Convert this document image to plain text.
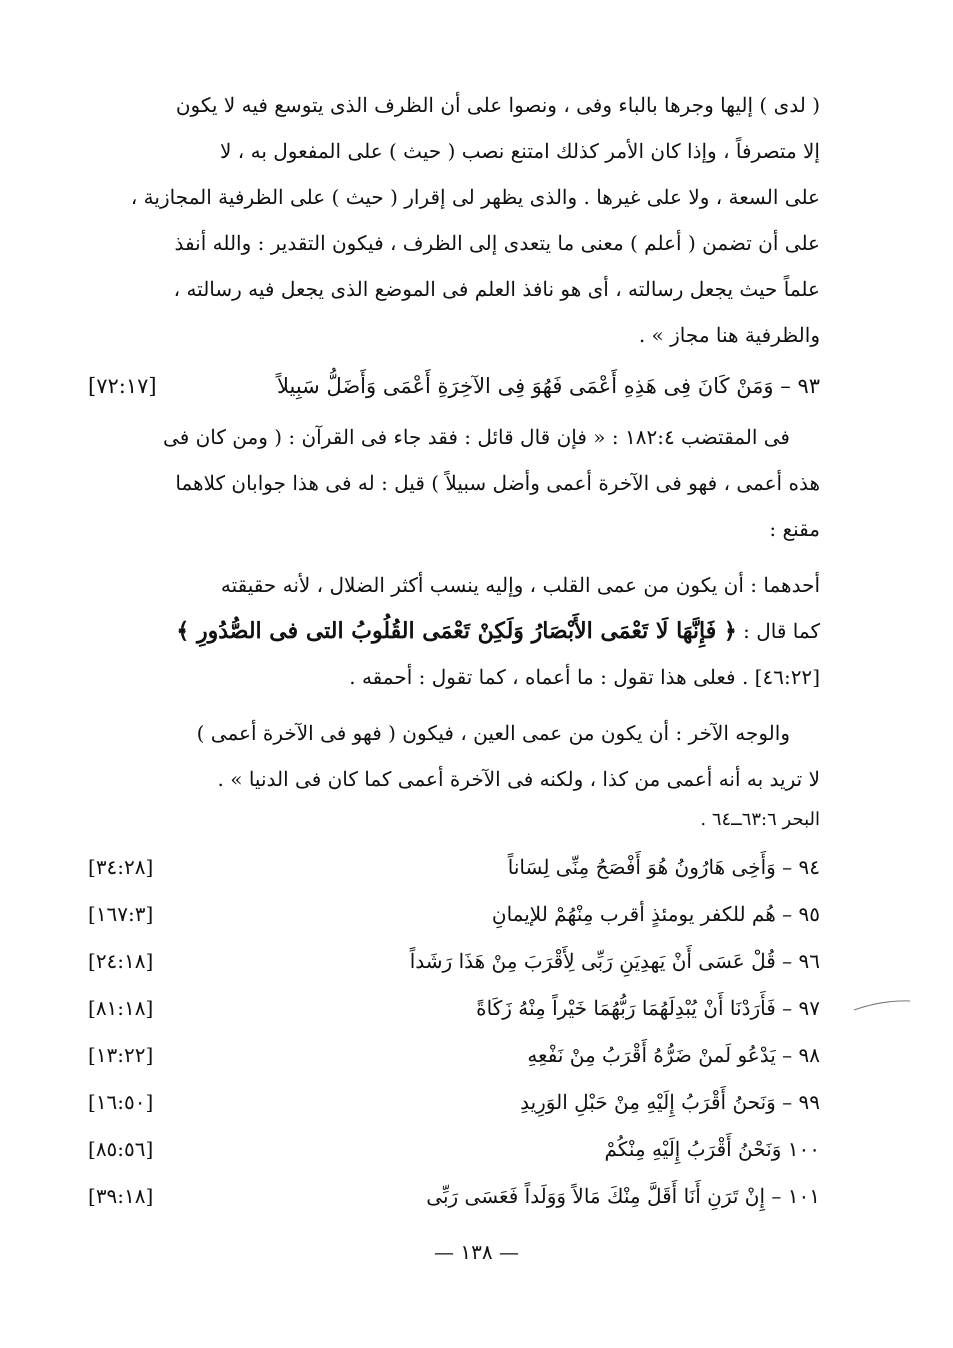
( لدى ) إليها وجرها بالباء وفى ، ونصوا على أن الظرف الذى يتوسع فيه لا يكون

إلا متصرفاً ، وإذا كان الأمر كذلك امتنع نصب ( حيث ) على المفعول به ، لا

على السعة ، ولا على غيرها . والذى يظهر لى إقرار ( حيث ) على الظرفية المجازية ،

على أن تضمن ( أعلم ) معنى ما يتعدى إلى الظرف ، فيكون التقدير : والله أنفذ

علماً حيث يجعل رسالته ، أى هو نافذ العلم فى الموضع الذى يجعل فيه رسالته ،

والظرفية هنا مجاز » .

٩٣ – وَمَنْ كَانَ فِى هَذِهِ أَعْمَى فَهُوَ فِى الآخِرَةِ أَعْمَى وَأَضَلُّ سَبِيلاً
[٧٢:١٧]

فى المقتضب ١٨٢:٤ : « فإن قال قائل : فقد جاء فى القرآن : ( ومن كان فى

هذه أعمى ، فهو فى الآخرة أعمى وأضل سبيلاً ) قيل : له فى هذا جوابان كلاهما

مقنع :

أحدهما : أن يكون من عمى القلب ، وإليه ينسب أكثر الضلال ، لأنه حقيقته

كما قال : ﴿ فَإِنَّهَا لَا تَعْمَى الأَبْصَارُ وَلَكِنْ تَعْمَى القُلُوبُ التى فى الصُّدُورِ ﴾

[٤٦:٢٢] . فعلى هذا تقول : ما أعماه ، كما تقول : أحمقه .

والوجه الآخر : أن يكون من عمى العين ، فيكون ( فهو فى الآخرة أعمى )

لا تريد به أنه أعمى من كذا ، ولكنه فى الآخرة أعمى كما كان فى الدنيا » .

البحر ٦٣:٦ــ٦٤ .

٩٤ – وَأَخِى هَارُونُ هُوَ أَفْصَحُ مِنِّى لِسَاناً
[٣٤:٢٨]
٩٥ – هُم للكفر يومئذٍ أقرب مِنْهُمْ للإيمانِ
[١٦٧:٣]
٩٦ – قُلْ عَسَى أَنْ يَهدِيَنِ رَبِّى لِأَقْرَبَ مِنْ هَذَا رَشَداً
[٢٤:١٨]
٩٧ – فَأَرَدْنَا أَنْ يُبْدِلَهُمَا رَبُّهُمَا خَيْراً مِنْهُ زَكَاةً
[٨١:١٨]
٩٨ – يَدْعُو لَمنْ ضَرُّهُ أَقْرَبُ مِنْ نَفْعِهِ
[١٣:٢٢]
٩٩ – وَنَحنُ أَقْرَبُ إِلَيْهِ مِنْ حَبْلِ الوَرِيدِ
[١٦:٥٠]
١٠٠ وَنَحْنُ أَقْرَبُ إِلَيْهِ مِنْكُمْ
[٨٥:٥٦]
١٠١ – إِنْ تَرَنِ أَنَا أَقَلَّ مِنْكَ مَالاً وَوَلَداً فَعَسَى رَبِّى
[٣٩:١٨]
— ١٣٨ —
